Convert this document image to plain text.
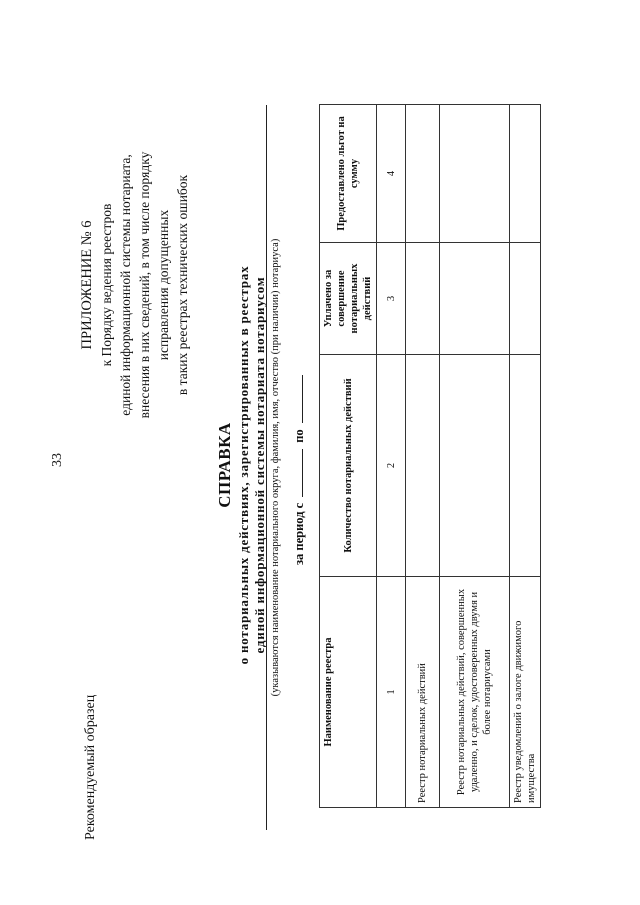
33
Рекомендуемый образец
ПРИЛОЖЕНИЕ № 6 к Порядку ведения реестров единой информационной системы нотариата, внесения в них сведений, в том числе порядку исправления допущенных в таких реестрах технических ошибок
СПРАВКА о нотариальных действиях, зарегистрированных в реестрах единой информационной системы нотариата нотариусом (указываются наименование нотариального округа, фамилия, имя, отчество (при наличии) нотариуса) за период спо
Наименование реестра	Количество нотариальных действий	Уплачено за совершение нотариальных действий	Предоставлено льгот на сумму
1	2	3	4
Реестр нотариальных действий			
Реестр нотариальных действий, совершенных удаленно, и сделок, удостоверенных двумя и более нотариусами			
Реестр уведомлений о залоге движимого имущества			
